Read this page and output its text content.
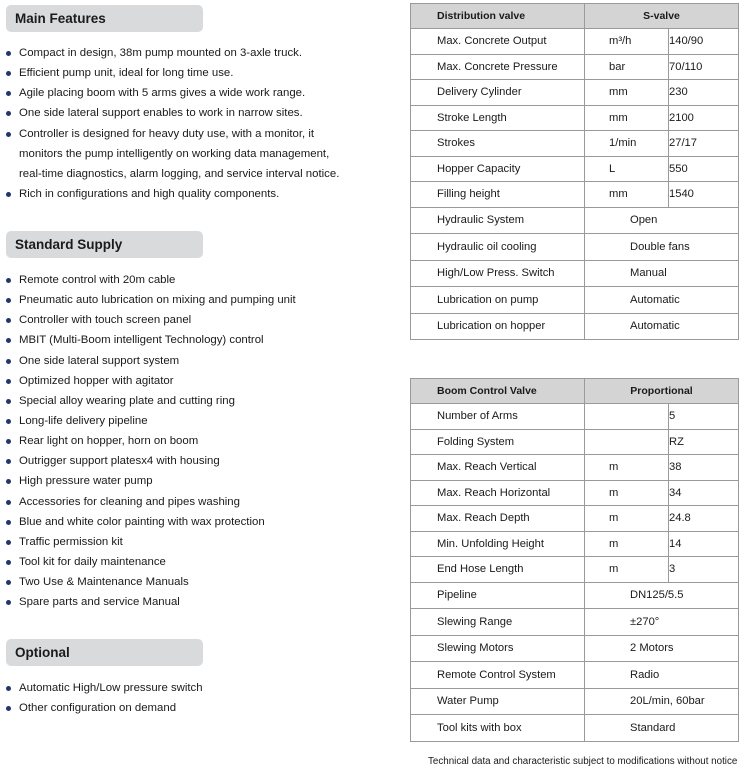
Main Features
Compact in design, 38m pump mounted on 3-axle truck.
Efficient pump unit, ideal for long time use.
Agile placing boom with 5 arms gives a wide work range.
One side lateral support enables to work in narrow sites.
Controller is designed for heavy duty use, with a monitor, it
monitors the pump intelligently on working data management,
real-time diagnostics, alarm logging, and service interval notice.
Rich in configurations and high quality components.
Standard Supply
Remote control with 20m cable
Pneumatic auto lubrication on mixing and pumping unit
Controller with touch screen panel
MBIT (Multi-Boom intelligent Technology) control
One side lateral support system
Optimized hopper with agitator
Special alloy wearing plate and cutting ring
Long-life delivery pipeline
Rear light on hopper, horn on boom
Outrigger support platesx4 with housing
High pressure water pump
Accessories for cleaning and pipes washing
Blue and white color painting with wax protection
Traffic permission kit
Tool kit for daily maintenance
Two Use & Maintenance Manuals
Spare parts and service Manual
Optional
Automatic High/Low pressure switch
Other configuration on demand
Distribution valve	S-valve	
Max. Concrete Output	m³/h	140/90
Max. Concrete Pressure	bar	70/110
Delivery Cylinder	mm	230
Stroke Length	mm	2100
Strokes	1/min	27/17
Hopper Capacity	L	550
Filling height	mm	1540
Hydraulic System	Open	
Hydraulic oil cooling	Double fans	
High/Low Press. Switch	Manual	
Lubrication on pump	Automatic	
Lubrication on hopper	Automatic	
Boom Control Valve	Proportional	
Number of Arms		5
Folding System		RZ
Max. Reach Vertical	m	38
Max. Reach Horizontal	m	34
Max. Reach Depth	m	24.8
Min. Unfolding Height	m	14
End Hose Length	m	3
Pipeline	DN125/5.5	
Slewing Range	±270°	
Slewing Motors	2 Motors	
Remote Control System	Radio	
Water Pump	20L/min, 60bar	
Tool kits with box	Standard	
Technical data and characteristic subject to modifications without notice
